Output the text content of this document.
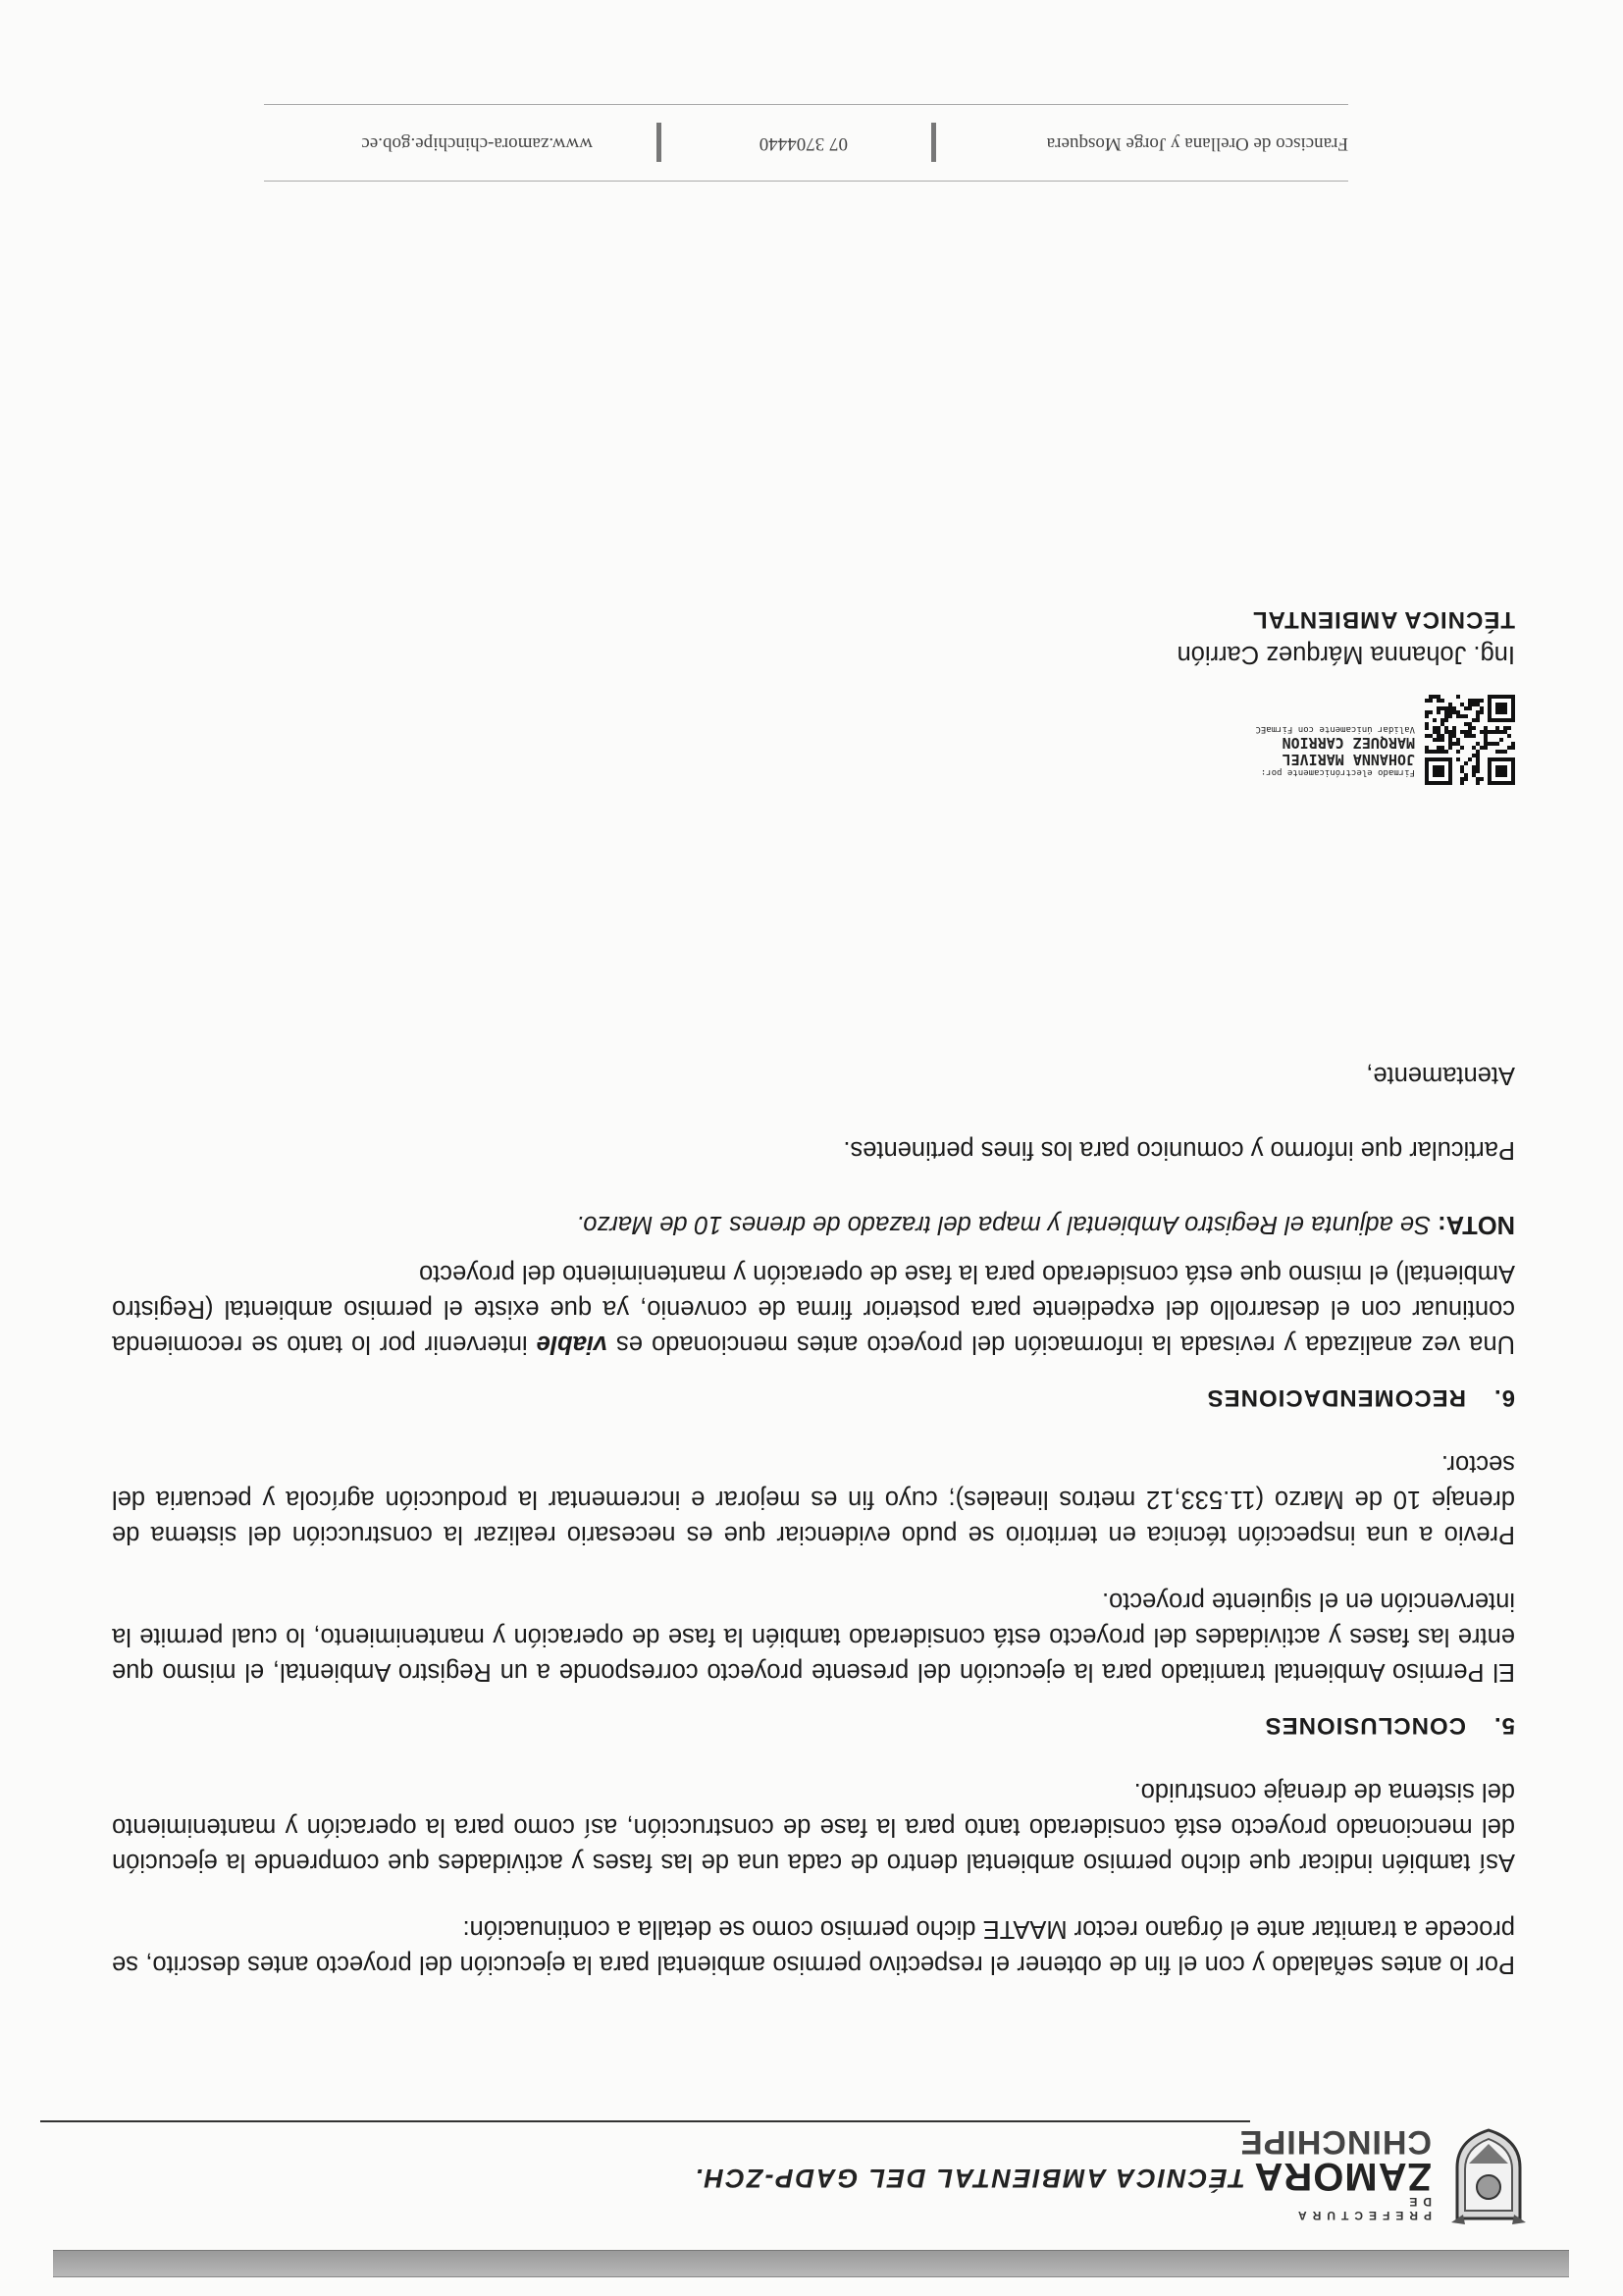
PREFECTURA DE
ZAMORA
CHINCHIPE
TÉCNICA AMBIENTAL DEL GADP-ZCH.

Por lo antes señalado y con el fin de obtener el respectivo permiso ambiental para la ejecución del proyecto antes descrito, se procede a tramitar ante el órgano rector MAATE dicho permiso como se detalla a continuación:

Así también indicar que dicho permiso ambiental dentro de cada una de las fases y actividades que comprende la ejecución del mencionado proyecto está considerado tanto para la fase de construcción, así como para la operación y mantenimiento del sistema de drenaje construido.

5.CONCLUSIONES

El Permiso Ambiental tramitado para la ejecución del presente proyecto corresponde a un Registro Ambiental, el mismo que entre las fases y actividades del proyecto está considerado también la fase de operación y mantenimiento, lo cual permite la intervención en el siguiente proyecto.

Previo a una inspección técnica en territorio se pudo evidenciar que es necesario realizar la construcción del sistema de drenaje 10 de Marzo (11.533,12 metros lineales); cuyo fin es mejorar e incrementar la producción agrícola y pecuaria del sector.

6.RECOMENDACIONES

Una vez analizada y revisada la información del proyecto antes mencionado es viable intervenir por lo tanto se recomienda continuar con el desarrollo del expediente para posterior firma de convenio, ya que existe el permiso ambiental (Registro Ambiental) el mismo que está considerado para la fase de operación y mantenimiento del proyecto

NOTA: Se adjunta el Registro Ambiental y mapa del trazado de drenes 10 de Marzo.

Particular que informo y comunico para los fines pertinentes.

Atentamente,

Firmado electrónicamente por:
JOHANNA MARIVEL
MARQUEZ CARRION
Validar únicamente con FirmaEC
Ing. Johanna Márquez Carrión
TÉCNICA AMBIENTAL
Francisco de Orellana y Jorge Mosquera
07 3704440
www.zamora-chinchipe.gob.ec
